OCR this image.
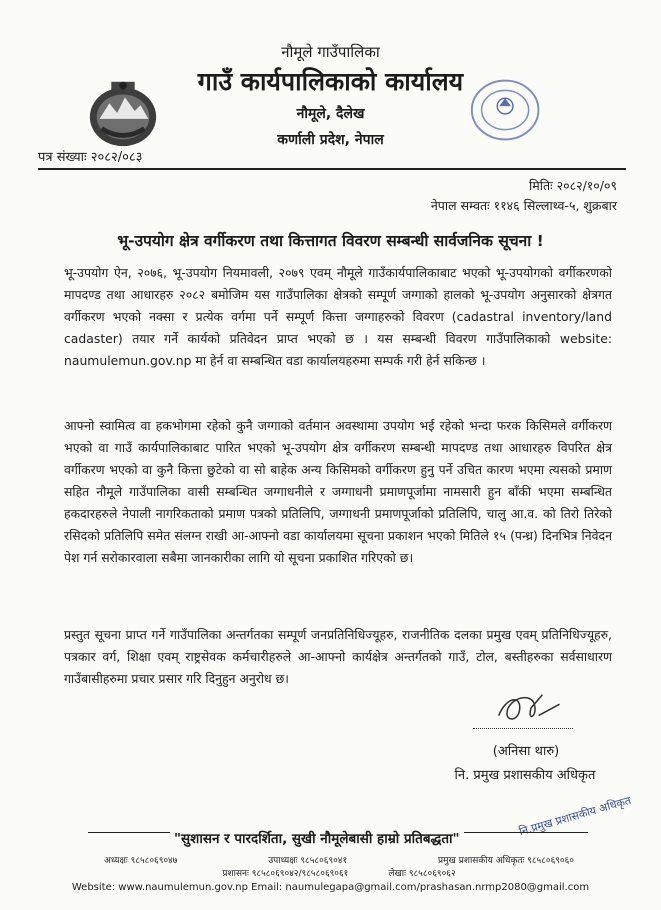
नौमूले गाउँपालिका
गाउँ कार्यपालिकाको कार्यालय
नौमूले, दैलेख
कर्णाली प्रदेश, नेपाल
पत्र संख्याः २०८२/०८३
मितिः २०८२/१०/०९
नेपाल सम्वतः ११४६ सिल्लाथ्व-५, शुक्रबार
भू-उपयोग क्षेत्र वर्गीकरण तथा कित्तागत विवरण सम्बन्धी सार्वजनिक सूचना !
भू-उपयोग ऐन, २०७६, भू-उपयोग नियमावली, २०७९ एवम् नौमूले गाउँकार्यपालिकाबाट भएको भू-उपयोगको वर्गीकरणको मापदण्ड तथा आधारहरु २०८२ बमोजिम यस गाउँपालिका क्षेत्रको सम्पूर्ण जग्गाको हालको भू-उपयोग अनुसारको क्षेत्रगत वर्गीकरण भएको नक्सा र प्रत्येक वर्गमा पर्ने सम्पूर्ण कित्ता जग्गाहरुको विवरण (cadastral inventory/land cadaster) तयार गर्ने कार्यको प्रतिवेदन प्राप्त भएको छ । यस सम्बन्धी विवरण गाउँपालिकाको website: naumulemun.gov.np मा हेर्न वा सम्बन्धित वडा कार्यालयहरुमा सम्पर्क गरी हेर्न सकिन्छ ।
आफ्नो स्वामित्व वा हकभोगमा रहेको कुनै जग्गाको वर्तमान अवस्थामा उपयोग भई रहेको भन्दा फरक किसिमले वर्गीकरण भएको वा गाउँ कार्यपालिकाबाट पारित भएको भू-उपयोग क्षेत्र वर्गीकरण सम्बन्धी मापदण्ड तथा आधारहरु विपरित क्षेत्र वर्गीकरण भएको वा कुनै कित्ता छुटेको वा सो बाहेक अन्य किसिमको वर्गीकरण हुनु पर्ने उचित कारण भएमा त्यसको प्रमाण सहित नौमूले गाउँपालिका वासी सम्बन्धित जग्गाधनीले र जग्गाधनी प्रमाणपूर्जामा नामसारी हुन बाँकी भएमा सम्बन्धित हकदारहरुले नेपाली नागरिकताको प्रमाण पत्रको प्रतिलिपि, जग्गाधनी प्रमाणपूर्जाको प्रतिलिपि, चालु आ.व. को तिरो तिरेको रसिदको प्रतिलिपि समेत संलग्न राखी आ-आफ्नो वडा कार्यालयमा सूचना प्रकाशन भएको मितिले १५ (पन्ध्र) दिनभित्र निवेदन पेश गर्न सरोकारवाला सबैमा जानकारीका लागि यो सूचना प्रकाशित गरिएको छ।
प्रस्तुत सूचना प्राप्त गर्ने गाउँपालिका अन्तर्गतका सम्पूर्ण जनप्रतिनिधिज्यूहरु, राजनीतिक दलका प्रमुख एवम् प्रतिनिधिज्यूहरु, पत्रकार वर्ग, शिक्षा एवम् राष्ट्रसेवक कर्मचारीहरुले आ-आफ्नो कार्यक्षेत्र अन्तर्गतको गाउँ, टोल, बस्तीहरुका सर्वसाधारण गाउँबासीहरुमा प्रचार प्रसार गरि दिनुहुन अनुरोध छ।
(अनिसा थारु)
नि. प्रमुख प्रशासकीय अधिकृत
नि.प्रमुख प्रशासकीय अधिकृत
"सुशासन र पारदर्शिता, सुखी नौमूलेबासी हाम्रो प्रतिबद्धता"
अध्यक्षः ९८५८०६९०४७	उपाध्यक्षः ९८५८०६९०४१	प्रमुख प्रशासकीय अधिकृतः ९८५८०६९०६०
प्रशासनः ९८५८०६९०४२/९८५८०६९०६१	लेखाः ९८५८०६९०६२
Website: www.naumulemun.gov.np Email: naumulegapa@gmail.com/prashasan.nrmp2080@gmail.com
